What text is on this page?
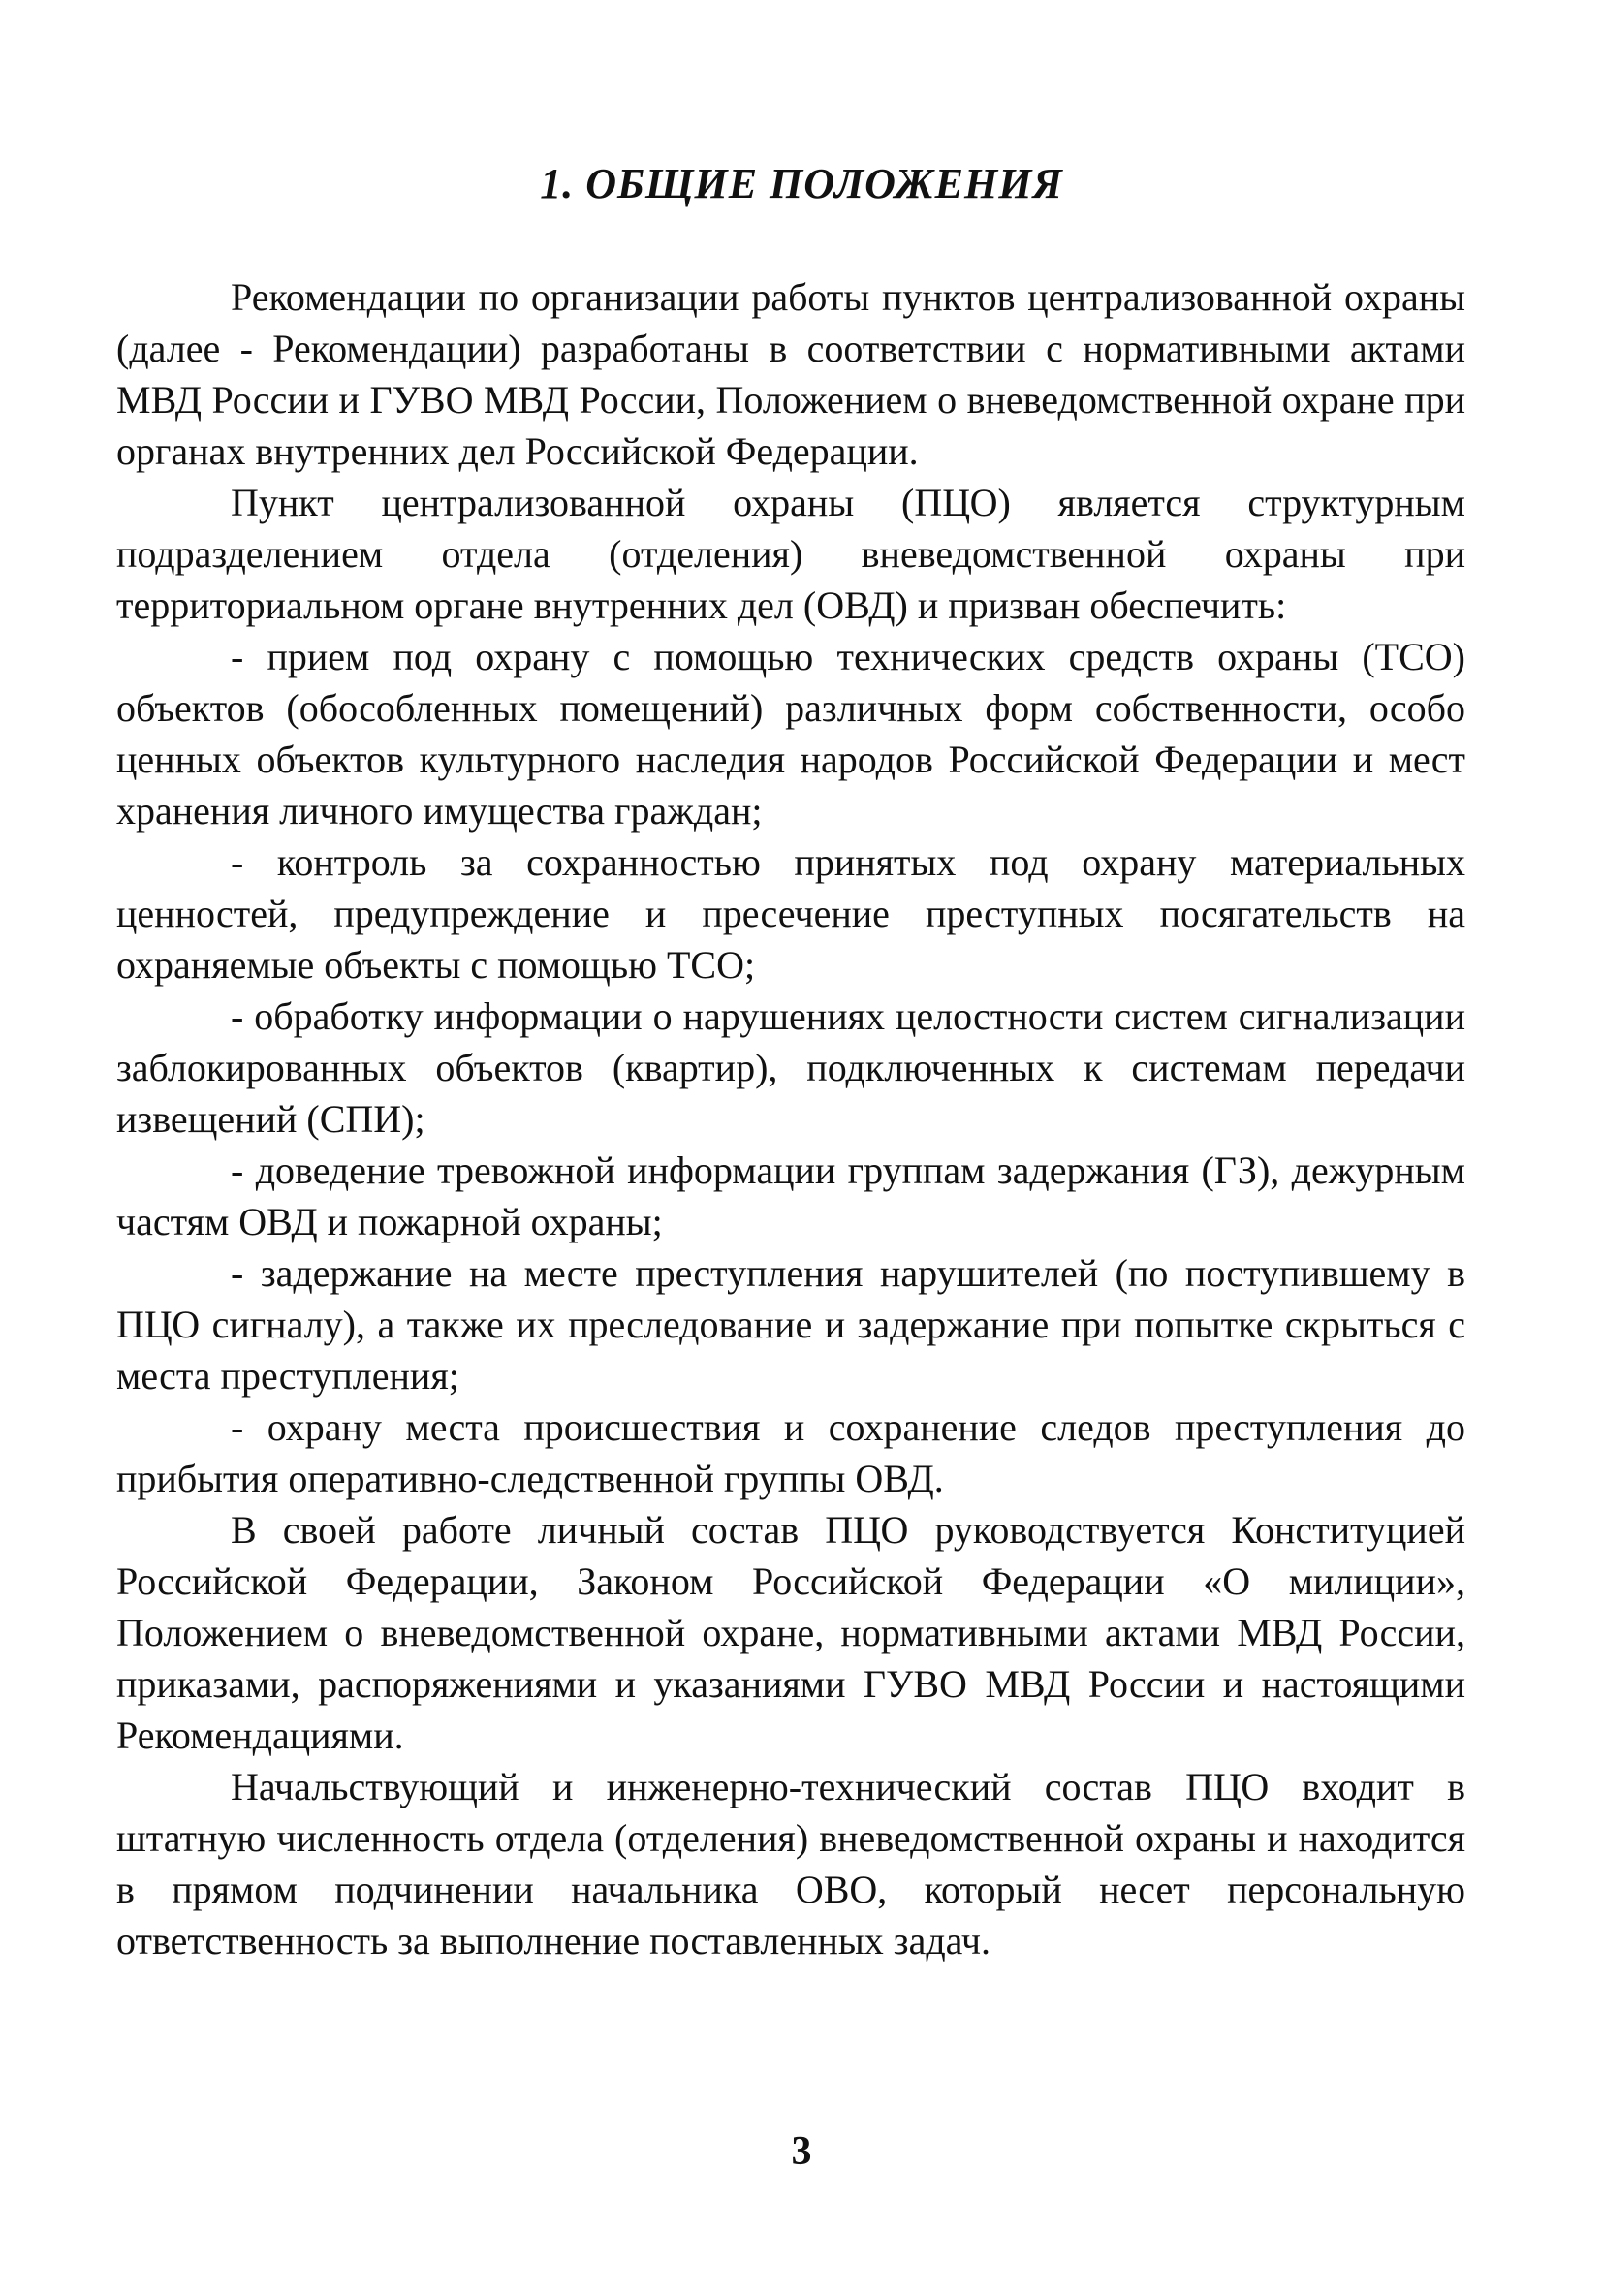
1. ОБЩИЕ ПОЛОЖЕНИЯ

Рекомендации по организации работы пунктов централизованной охраны (далее - Рекомендации) разработаны в соответствии с нормативными актами МВД России и ГУВО МВД России, Положением о вневедомственной охране при органах внутренних дел Российской Федерации.

Пункт централизованной охраны (ПЦО) является структурным подразделением отдела (отделения) вневедомственной охраны при территориальном органе внутренних дел (ОВД) и призван обеспечить:

- прием под охрану с помощью технических средств охраны (ТСО) объектов (обособленных помещений) различных форм собственности, особо ценных объектов культурного наследия народов Российской Федерации и мест хранения личного имущества граждан;

- контроль за сохранностью принятых под охрану материальных ценностей, предупреждение и пресечение преступных посягательств на охраняемые объекты с помощью ТСО;

- обработку информации о нарушениях целостности систем сигнализации заблокированных объектов (квартир), подключенных к системам передачи извещений (СПИ);

- доведение тревожной информации группам задержания (ГЗ), дежурным частям ОВД и пожарной охраны;

- задержание на месте преступления нарушителей (по поступившему в ПЦО сигналу), а также их преследование и задержание при попытке скрыться с места преступления;

- охрану места происшествия и сохранение следов преступления до прибытия оперативно-следственной группы ОВД.

В своей работе личный состав ПЦО руководствуется Конституцией Российской Федерации, Законом Российской Федерации «О милиции», Положением о вневедомственной охране, нормативными актами МВД России, приказами, распоряжениями и указаниями ГУВО МВД России и настоящими Рекомендациями.

Начальствующий и инженерно-технический состав ПЦО входит в штатную численность отдела (отделения) вневедомственной охраны и находится в прямом подчинении начальника ОВО, который несет персональную ответственность за выполнение поставленных задач.

3
